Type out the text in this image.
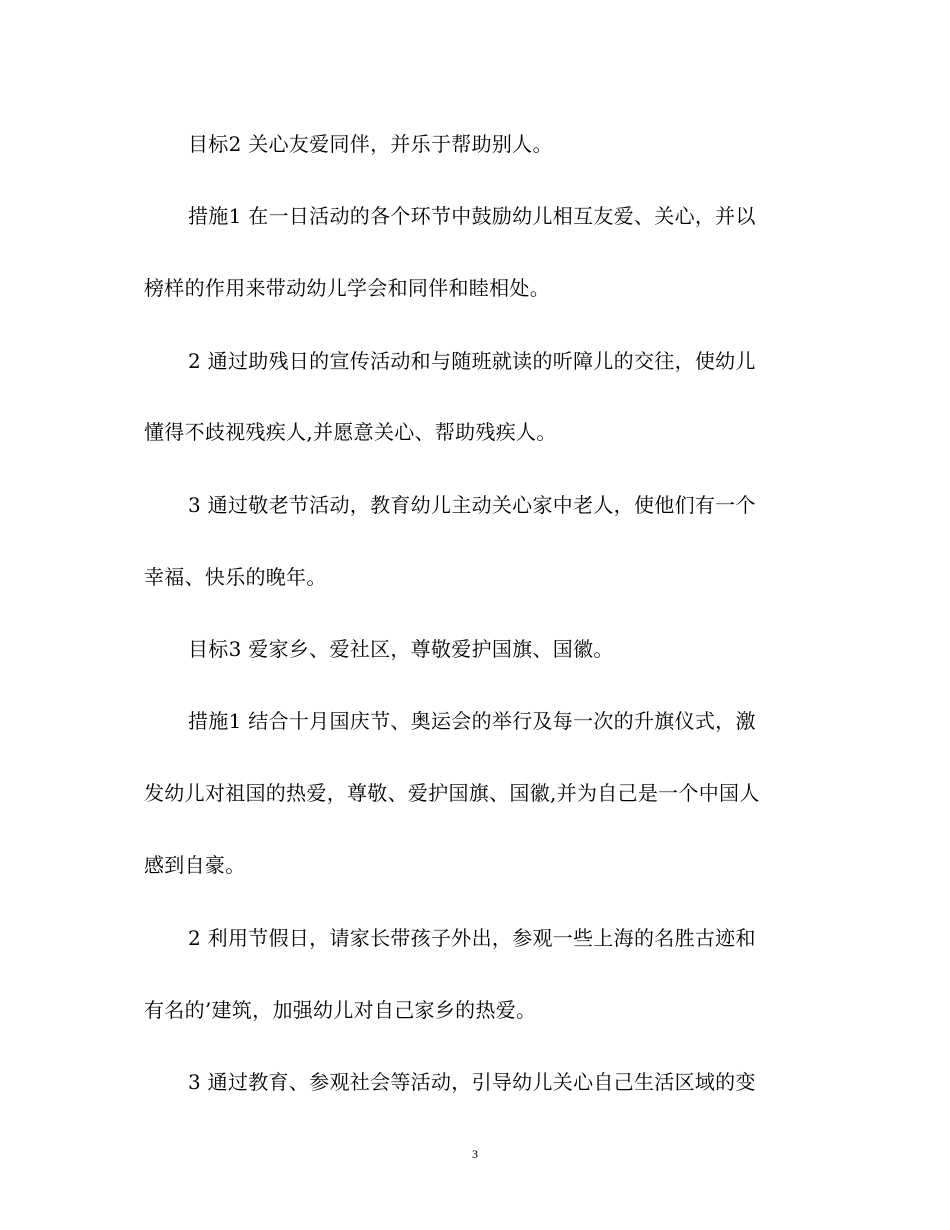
目标2 关心友爱同伴，并乐于帮助别人。
措施1 在一日活动的各个环节中鼓励幼儿相互友爱、关心，并以
榜样的作用来带动幼儿学会和同伴和睦相处。
2 通过助残日的宣传活动和与随班就读的听障儿的交往，使幼儿
懂得不歧视残疾人,并愿意关心、帮助残疾人。
3 通过敬老节活动，教育幼儿主动关心家中老人，使他们有一个
幸福、快乐的晚年。
目标3 爱家乡、爱社区，尊敬爱护国旗、国徽。
措施1 结合十月国庆节、奥运会的举行及每一次的升旗仪式，激
发幼儿对祖国的热爱，尊敬、爱护国旗、国徽,并为自己是一个中国人
感到自豪。
2 利用节假日，请家长带孩子外出，参观一些上海的名胜古迹和
有名的’建筑，加强幼儿对自己家乡的热爱。
3 通过教育、参观社会等活动，引导幼儿关心自己生活区域的变
3
